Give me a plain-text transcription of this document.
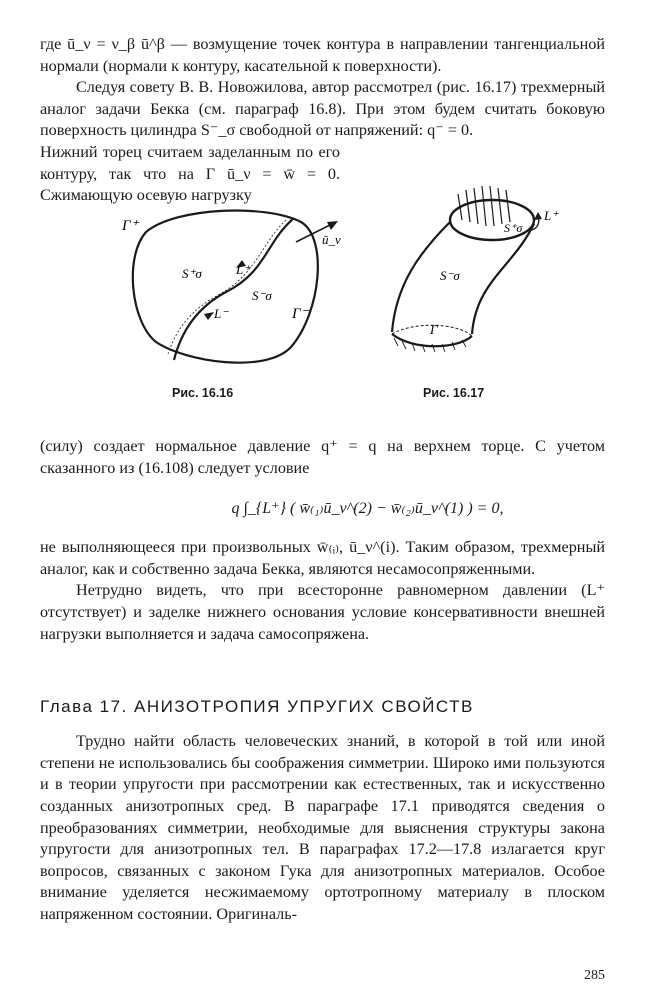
где ū_ν = ν_β ū^β — возмущение точек контура в направлении тангенциальной нормали (нормали к контуру, касательной к поверхности).

Следуя совету В. В. Новожилова, автор рассмотрел (рис. 16.17) трехмерный аналог задачи Бекка (см. параграф 16.8). При этом будем считать боковую поверхность цилиндра S⁻_σ свободной от напряжений: q⁻ = 0.

Нижний торец считаем заделанным по его контуру, так что на Г ū_ν = w̄ = 0. Сжимающую осевую нагрузку

Г⁺
Г⁻
L⁺
L⁻
S⁺σ
S⁻σ
ū_ν
L⁺
S⁺σ
S⁻σ
Г
Рис. 16.16	Рис. 16.17

(силу) создает нормальное давление q⁺ = q на верхнем торце. С учетом сказанного из (16.108) следует условие

q ∫_{L⁺} ( w̄₍₁₎ū_ν^(2) − w̄₍₂₎ū_ν^(1) ) = 0,

не выполняющееся при произвольных w̄₍ᵢ₎, ū_ν^(i). Таким образом, трехмерный аналог, как и собственно задача Бекка, являются несамосопряженными.

Нетрудно видеть, что при всесторонне равномерном давлении (L⁺ отсутствует) и заделке нижнего основания условие консервативности внешней нагрузки выполняется и задача самосопряжена.

Глава 17. АНИЗОТРОПИЯ УПРУГИХ СВОЙСТВ

Трудно найти область человеческих знаний, в которой в той или иной степени не использовались бы соображения симметрии. Широко ими пользуются и в теории упругости при рассмотрении как естественных, так и искусственно созданных анизотропных сред. В параграфе 17.1 приводятся сведения о преобразованиях симметрии, необходимые для выяснения структуры закона упругости для анизотропных тел. В параграфах 17.2—17.8 излагается круг вопросов, связанных с законом Гука для анизотропных материалов. Особое внимание уделяется несжимаемому ортотропному материалу в плоском напряженном состоянии. Оригиналь-

285
